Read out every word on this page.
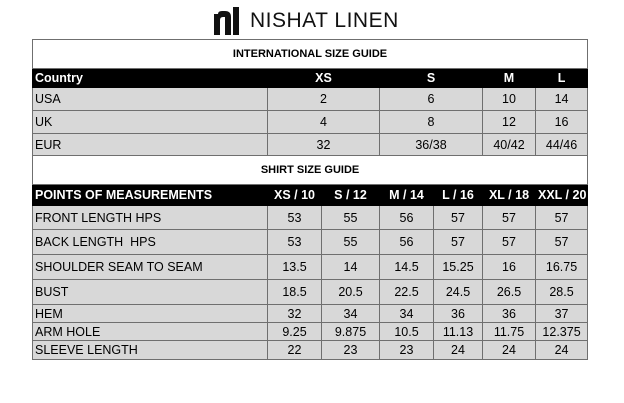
NISHAT LINEN
INTERNATIONAL SIZE GUIDE						
Country	XS		S		M	L
USA	2		6		10	14
UK	4		8		12	16
EUR	32		36/38		40/42	44/46
SHIRT SIZE GUIDE						
POINTS OF MEASUREMENTS	XS / 10	S / 12	M / 14	L / 16	XL / 18	XXL / 20
FRONT LENGTH HPS	53	55	56	57	57	57
BACK LENGTH  HPS	53	55	56	57	57	57
SHOULDER SEAM TO SEAM	13.5	14	14.5	15.25	16	16.75
BUST	18.5	20.5	22.5	24.5	26.5	28.5
HEM	32	34	34	36	36	37
ARM HOLE	9.25	9.875	10.5	11.13	11.75	12.375
SLEEVE LENGTH	22	23	23	24	24	24
